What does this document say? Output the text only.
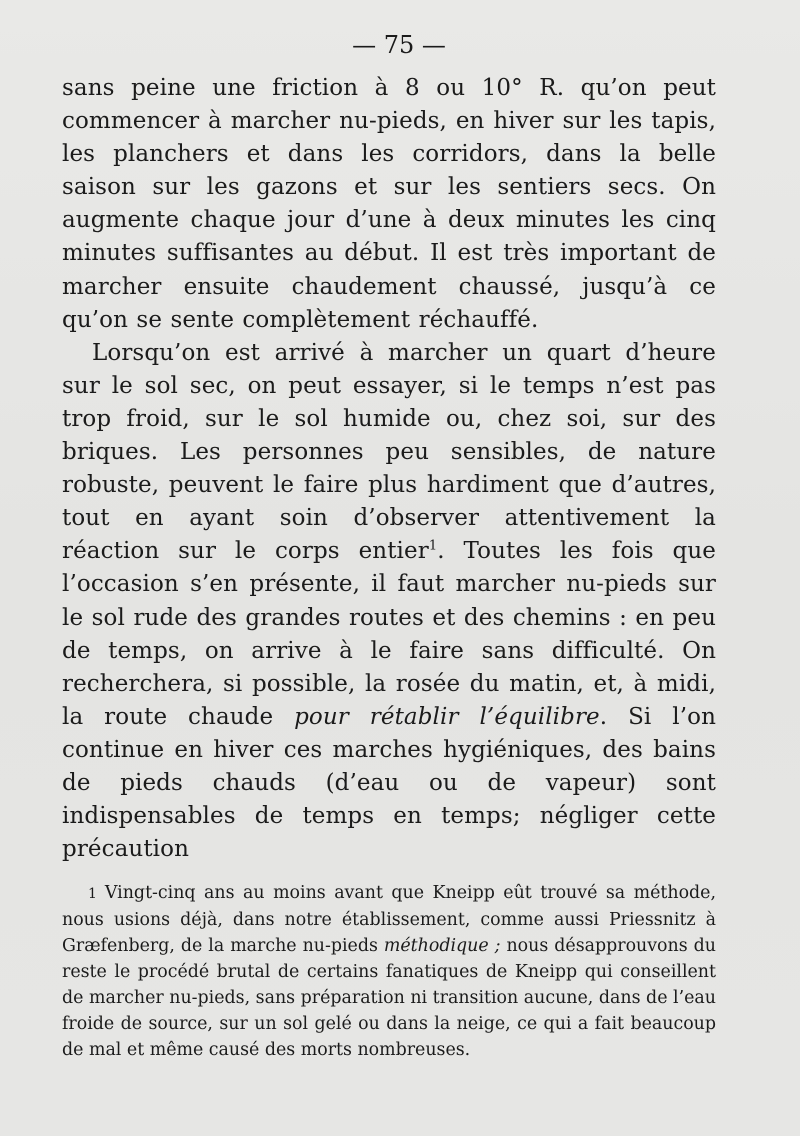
— 75 —

sans peine une friction à 8 ou 10° R. qu’on peut commencer à marcher nu-pieds, en hiver sur les tapis, les planchers et dans les corridors, dans la belle saison sur les gazons et sur les sentiers secs. On augmente chaque jour d’une à deux minutes les cinq minutes suffisantes au début. Il est très important de marcher ensuite chaudement chaussé, jusqu’à ce qu’on se sente complètement réchauffé.

Lorsqu’on est arrivé à marcher un quart d’heure sur le sol sec, on peut essayer, si le temps n’est pas trop froid, sur le sol humide ou, chez soi, sur des briques. Les personnes peu sensibles, de nature robuste, peuvent le faire plus hardiment que d’autres, tout en ayant soin d’observer attentivement la réaction sur le corps entier$^1$. Toutes les fois que l’occasion s’en présente, il faut marcher nu-pieds sur le sol rude des grandes routes et des chemins : en peu de temps, on arrive à le faire sans difficulté. On recherchera, si possible, la rosée du matin, et, à midi, la route chaude pour rétablir l’équilibre. Si l’on continue en hiver ces marches hygiéniques, des bains de pieds chauds (d’eau ou de vapeur) sont indispensables de temps en temps; négliger cette précaution

1 Vingt-cinq ans au moins avant que Kneipp eût trouvé sa méthode, nous usions déjà, dans notre établissement, comme aussi Priessnitz à Græfenberg, de la marche nu-pieds méthodique ; nous désapprouvons du reste le procédé brutal de certains fanatiques de Kneipp qui conseillent de marcher nu-pieds, sans préparation ni transition aucune, dans de l’eau froide de source, sur un sol gelé ou dans la neige, ce qui a fait beaucoup de mal et même causé des morts nombreuses.
